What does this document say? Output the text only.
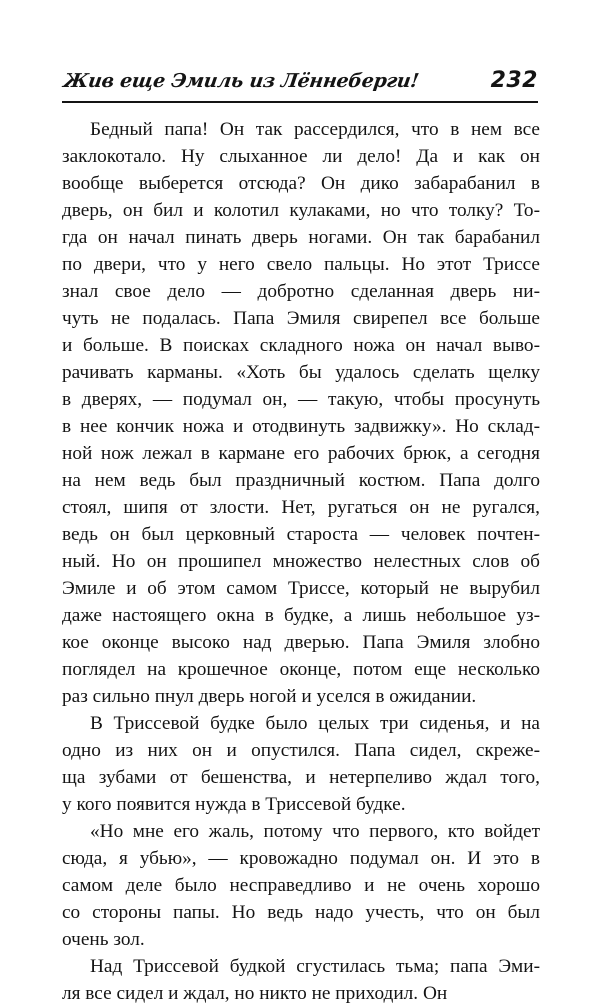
Жив еще Эмиль из Лённеберги!	232
Бедный папа! Он так рассердился, что в нем все
заклокотало. Ну слыханное ли дело! Да и как он
вообще выберется отсюда? Он дико забарабанил в
дверь, он бил и колотил кулаками, но что толку? То-
гда он начал пинать дверь ногами. Он так барабанил
по двери, что у него свело пальцы. Но этот Триссе
знал свое дело — добротно сделанная дверь ни-
чуть не подалась. Папа Эмиля свирепел все больше
и больше. В поисках складного ножа он начал выво-
рачивать карманы. «Хоть бы удалось сделать щелку
в дверях, — подумал он, — такую, чтобы просунуть
в нее кончик ножа и отодвинуть задвижку». Но склад-
ной нож лежал в кармане его рабочих брюк, а сегодня
на нем ведь был праздничный костюм. Папа долго
стоял, шипя от злости. Нет, ругаться он не ругался,
ведь он был церковный староста — человек почтен-
ный. Но он прошипел множество нелестных слов об
Эмиле и об этом самом Триссе, который не вырубил
даже настоящего окна в будке, а лишь небольшое уз-
кое оконце высоко над дверью. Папа Эмиля злобно
поглядел на крошечное оконце, потом еще несколько
раз сильно пнул дверь ногой и уселся в ожидании.
В Триссевой будке было целых три сиденья, и на
одно из них он и опустился. Папа сидел, скреже-
ща зубами от бешенства, и нетерпеливо ждал того,
у кого появится нужда в Триссевой будке.
«Но мне его жаль, потому что первого, кто войдет
сюда, я убью», — кровожадно подумал он. И это в
самом деле было несправедливо и не очень хорошо
со стороны папы. Но ведь надо учесть, что он был
очень зол.
Над Триссевой будкой сгустилась тьма; папа Эми-
ля все сидел и ждал, но никто не приходил. Он
